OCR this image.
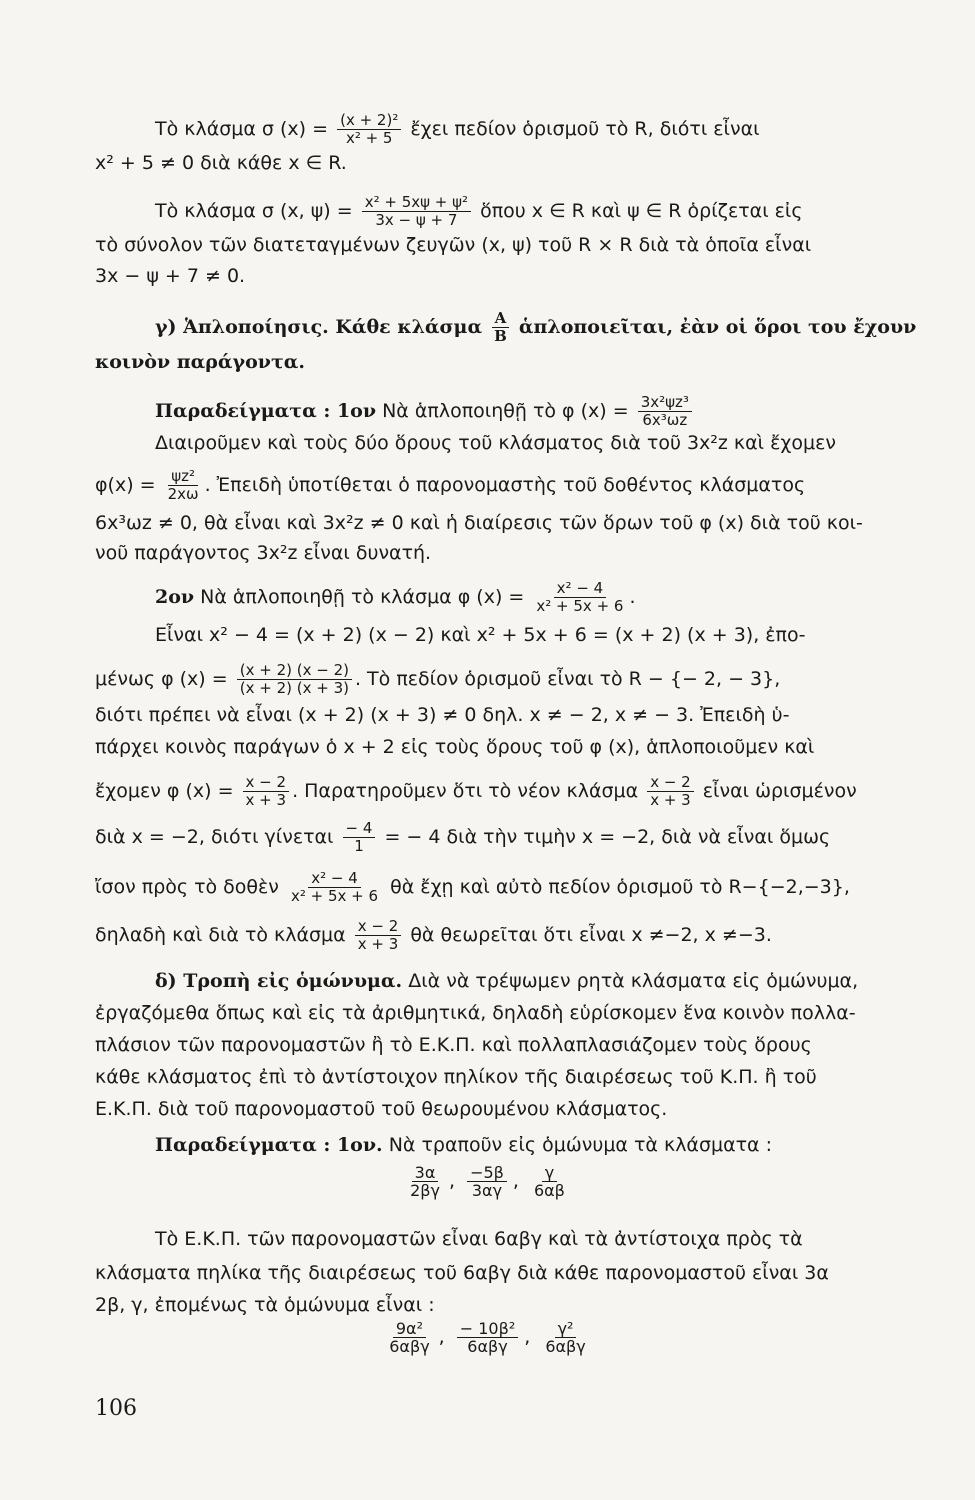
Τὸ κλάσμα σ $(x) = \frac{\text{(x + 2)²}}{\text{x² + 5}}$ ἔχει πεδίον ὁρισμοῦ τὸ R, διότι εἶναι
x² + 5 ≠ 0 διὰ κάθε x ∈ R.
Τὸ κλάσμα σ (x, $\psi) = \frac{\text{x² + 5xψ + ψ²}}{3x - \psi + 7}$ ὅπου x ∈ R καὶ ψ ∈ R ὁρίζεται εἰς
τὸ σύνολον τῶν διατεταγμένων ζευγῶν (x, ψ) τοῦ R × R διὰ τὰ ὁποῖα εἶναι
3x − ψ + 7 ≠ 0.
γ) Ἁπλοποίησις. Κάθε κλάσμα $\frac{A}{B}$ ἁπλοποιεῖται, ἐὰν οἱ ὅροι του ἔχουν
κοινὸν παράγοντα.
Παραδείγματα : 1ον Νὰ ἁπλοποιηθῇ τὸ φ $(x) = \frac{\text{3x²ψz³}}{\text{6x³ωz}}$
Διαιροῦμεν καὶ τοὺς δύο ὅρους τοῦ κλάσματος διὰ τοῦ 3x²z καὶ ἔχομεν
$\varphi(x) = \frac{\text{ψz²}}{2x\omega}$ . Ἐπειδὴ ὑποτίθεται ὁ παρονομαστὴς τοῦ δοθέντος κλάσματος
6x³ωz ≠ 0, θὰ εἶναι καὶ 3x²z ≠ 0 καὶ ἡ διαίρεσις τῶν ὅρων τοῦ φ (x) διὰ τοῦ κοι-
νοῦ παράγοντος 3x²z εἶναι δυνατή.
2ον Νὰ ἁπλοποιηθῇ τὸ κλάσμα φ $(x) = \frac{\text{x² − 4}}{\text{x² + 5x + 6}}$ .
Εἶναι x² − 4 = (x + 2) (x − 2) καὶ x² + 5x + 6 = (x + 2) (x + 3), ἐπο-
μένως φ $(x) = \frac{(x + 2) (x - 2)}{(x + 2) (x + 3)}$ . Τὸ πεδίον ὁρισμοῦ εἶναι τὸ R − {− 2, − 3},
διότι πρέπει νὰ εἶναι (x + 2) (x + 3) ≠ 0 δηλ. x ≠ − 2, x ≠ − 3. Ἐπειδὴ ὑ-
πάρχει κοινὸς παράγων ὁ x + 2 εἰς τοὺς ὅρους τοῦ φ (x), ἁπλοποιοῦμεν καὶ
ἔχομεν φ $(x) = \frac{x - 2}{x + 3}$ . Παρατηροῦμεν ὅτι τὸ νέον κλάσμα $\frac{x - 2}{x + 3}$ εἶναι ὡρισμένον
διὰ x = −2, διότι γίνεται $\frac{- 4}{1}$ = − 4 διὰ τὴν τιμὴν x = −2, διὰ νὰ εἶναι ὅμως
ἴσον πρὸς τὸ δοθὲν $\frac{\text{x² − 4}}{\text{x² + 5x + 6}}$ θὰ ἔχῃ καὶ αὐτὸ πεδίον ὁρισμοῦ τὸ R−{−2,−3},
δηλαδὴ καὶ διὰ τὸ κλάσμα $\frac{x - 2}{x + 3}$ θὰ θεωρεῖται ὅτι εἶναι x ≠−2, x ≠−3.
δ) Τροπὴ εἰς ὁμώνυμα. Διὰ νὰ τρέψωμεν ρητὰ κλάσματα εἰς ὁμώνυμα,
ἐργαζόμεθα ὅπως καὶ εἰς τὰ ἀριθμητικά, δηλαδὴ εὑρίσκομεν ἕνα κοινὸν πολλα-
πλάσιον τῶν παρονομαστῶν ἢ τὸ Ε.Κ.Π. καὶ πολλαπλασιάζομεν τοὺς ὅρους
κάθε κλάσματος ἐπὶ τὸ ἀντίστοιχον πηλίκον τῆς διαιρέσεως τοῦ Κ.Π. ἢ τοῦ
Ε.Κ.Π. διὰ τοῦ παρονομαστοῦ τοῦ θεωρουμένου κλάσματος.
Παραδείγματα : 1ον. Νὰ τραποῦν εἰς ὁμώνυμα τὰ κλάσματα :
$\frac{3\alpha}{2\beta\gamma}$ , $\frac{-5\beta}{3\alpha\gamma}$ , $\frac{\gamma}{6\alpha\beta}$
Τὸ Ε.Κ.Π. τῶν παρονομαστῶν εἶναι 6αβγ καὶ τὰ ἀντίστοιχα πρὸς τὰ
κλάσματα πηλίκα τῆς διαιρέσεως τοῦ 6αβγ διὰ κάθε παρονομαστοῦ εἶναι 3α
2β, γ, ἐπομένως τὰ ὁμώνυμα εἶναι :
$\frac{\text{9α²}}{\text{6αβγ}}$ , $\frac{\text{− 10β²}}{\text{6αβγ}}$ , $\frac{\text{γ²}}{\text{6αβγ}}$
106
